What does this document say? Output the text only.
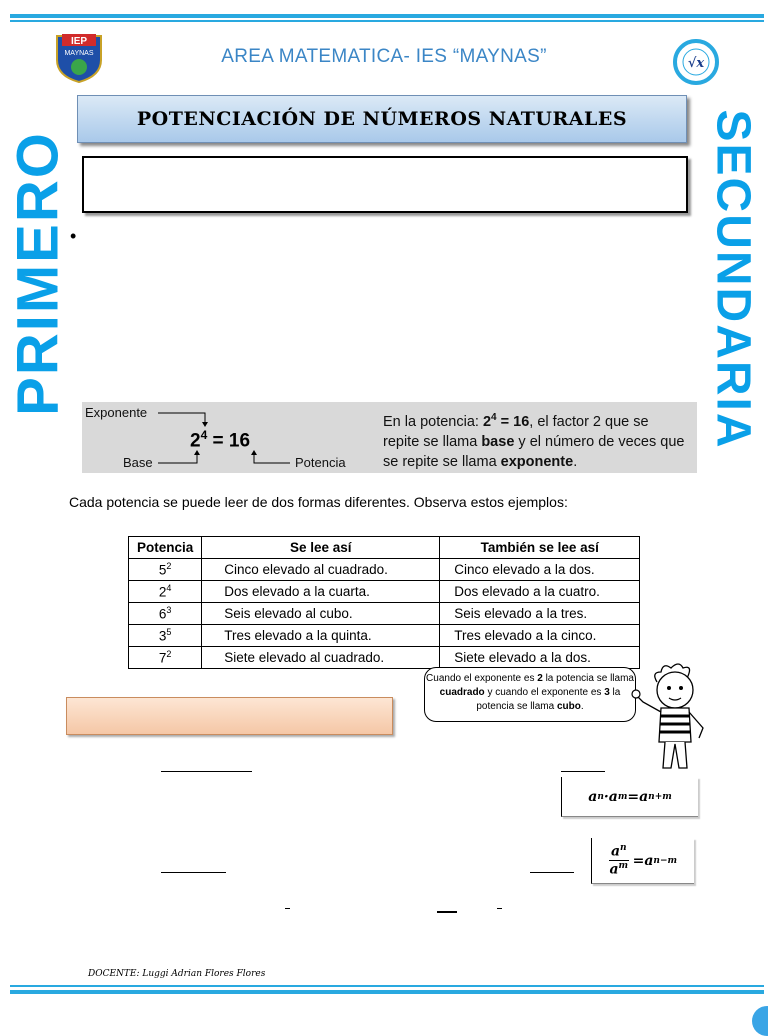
IEP
MAYNAS	AREA MATEMATICA- IES “MAYNAS”	√x
PRIMERO	SECUNDARIA
POTENCIACIÓN DE NÚMEROS NATURALES
•
Exponente
Base	Potencia
$2^4 = 16$
En la potencia: $2^4 = 16$, el factor 2 que se repite se llama base y el número de veces que se repite se llama exponente.
Cada potencia se puede leer de dos formas diferentes. Observa estos ejemplos:
Potencia	Se lee así	También se lee así
$5^2$	Cinco elevado al cuadrado.	Cinco elevado a la dos.
$2^4$	Dos elevado a la cuarta.	Dos elevado a la cuatro.
$6^3$	Seis elevado al cubo.	Seis elevado a la tres.
$3^5$	Tres elevado a la quinta.	Tres elevado a la cinco.
$7^2$	Siete elevado al cuadrado.	Siete elevado a la dos.
Cuando el exponente es 2 la potencia se llama cuadrado y cuando el exponente es 3 la potencia se llama cubo.
a n · a m = a n+m
$\frac{a^n}{a^m} = a$ n−m
DOCENTE: Luggi Adrian Flores Flores
